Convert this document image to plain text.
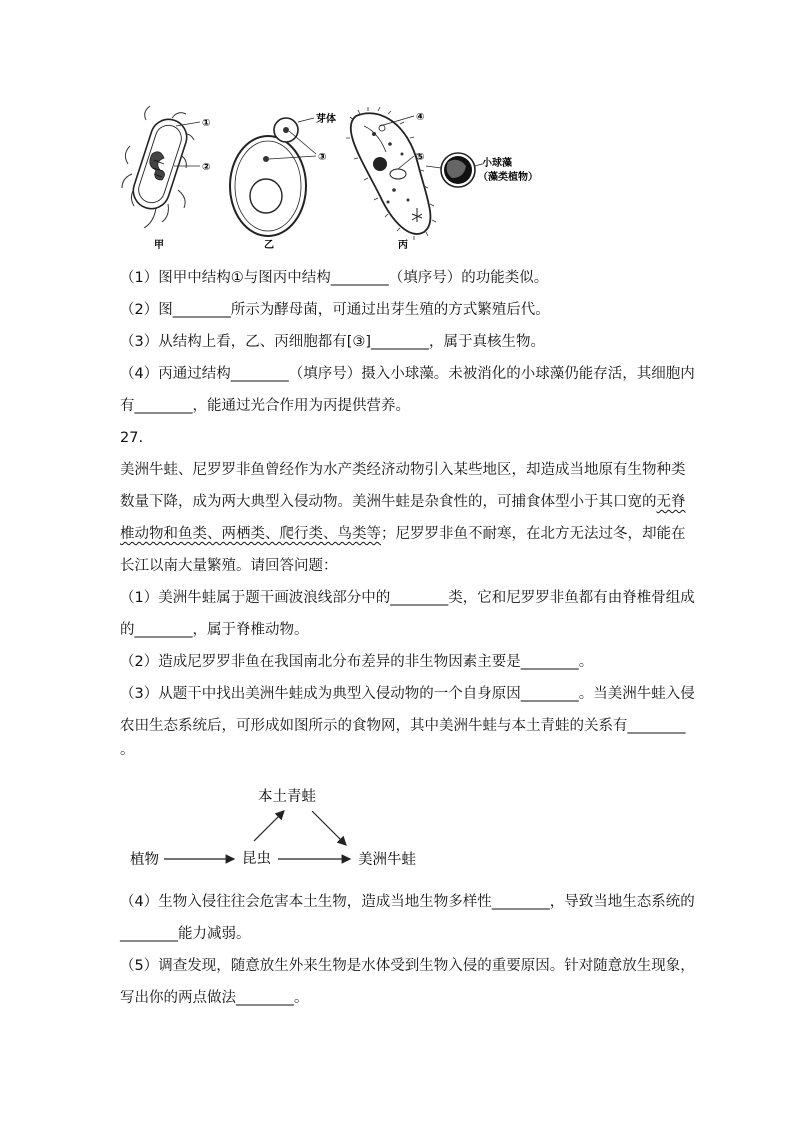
①
②
甲
芽体
③
乙
④
⑤
小球藻
（藻类植物）
丙
（1）图甲中结构①与图丙中结构________（填序号）的功能类似。
（2）图________所示为酵母菌，可通过出芽生殖的方式繁殖后代。
（3）从结构上看，乙、丙细胞都有[③]________，属于真核生物。
（4）丙通过结构________（填序号）摄入小球藻。未被消化的小球藻仍能存活，其细胞内
有________，能通过光合作用为丙提供营养。
27.
美洲牛蛙、尼罗罗非鱼曾经作为水产类经济动物引入某些地区，却造成当地原有生物种类
数量下降，成为两大典型入侵动物。美洲牛蛙是杂食性的，可捕食体型小于其口宽的无脊
椎动物和鱼类、两栖类、爬行类、鸟类等；尼罗罗非鱼不耐寒，在北方无法过冬，却能在
长江以南大量繁殖。请回答问题：
（1）美洲牛蛙属于题干画波浪线部分中的________类，它和尼罗罗非鱼都有由脊椎骨组成
的________，属于脊椎动物。
（2）造成尼罗罗非鱼在我国南北分布差异的非生物因素主要是________。
（3）从题干中找出美洲牛蛙成为典型入侵动物的一个自身原因________。当美洲牛蛙入侵
农田生态系统后，可形成如图所示的食物网，其中美洲牛蛙与本土青蛙的关系有________
。
本土青蛙
植物	昆虫	美洲牛蛙
（4）生物入侵往往会危害本土生物，造成当地生物多样性________，导致当地生态系统的
________能力减弱。
（5）调查发现，随意放生外来生物是水体受到生物入侵的重要原因。针对随意放生现象，
写出你的两点做法________。
